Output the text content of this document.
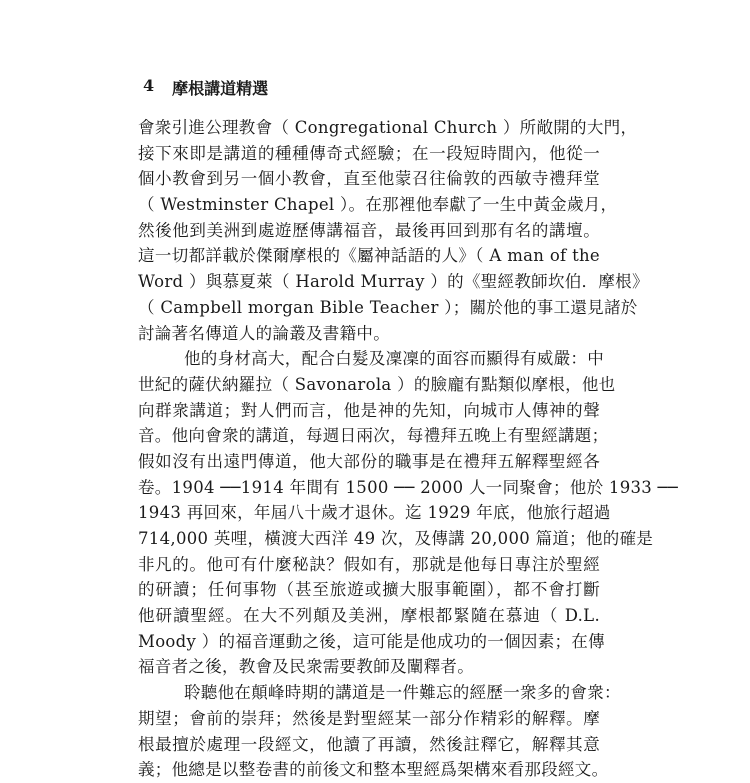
4 摩根講道精選
會衆引進公理教會（ Congregational Church ）所敞開的大門，
接下來即是講道的種種傳奇式經驗；在一段短時間內，他從一
個小教會到另一個小教會，直至他蒙召往倫敦的西敏寺禮拜堂
（ Westminster Chapel ）。在那裡他奉獻了一生中黃金歲月，
然後他到美洲到處遊歷傳講福音，最後再回到那有名的講壇。
這一切都詳載於傑爾摩根的《屬神話語的人》（ A man of the
Word ）與慕夏萊（ Harold Murray ）的《聖經教師坎伯．摩根》
（ Campbell morgan Bible Teacher ）；關於他的事工還見諸於
討論著名傳道人的論叢及書籍中。
他的身材高大，配合白髮及凜凜的面容而顯得有威嚴：中
世紀的薩伏納羅拉（ Savonarola ）的臉龐有點類似摩根，他也
向群衆講道；對人們而言，他是神的先知，向城市人傳神的聲
音。他向會衆的講道，每週日兩次，每禮拜五晚上有聖經講題；
假如沒有出遠門傳道，他大部份的職事是在禮拜五解釋聖經各
卷。1904 ──1914 年間有 1500 ── 2000 人一同聚會；他於 1933 ──
1943 再回來，年屆八十歲才退休。迄 1929 年底，他旅行超過
714,000 英哩，橫渡大西洋 49 次，及傳講 20,000 篇道；他的確是
非凡的。他可有什麼秘訣？假如有，那就是他每日專注於聖經
的研讀；任何事物（甚至旅遊或擴大服事範圍），都不會打斷
他研讀聖經。在大不列顛及美洲，摩根都緊隨在慕迪（ D.L.
Moody ）的福音運動之後，這可能是他成功的一個因素；在傳
福音者之後，教會及民衆需要教師及闡釋者。
聆聽他在顛峰時期的講道是一件難忘的經歷一衆多的會衆：
期望；會前的崇拜；然後是對聖經某一部分作精彩的解釋。摩
根最擅於處理一段經文，他讀了再讀，然後註釋它，解釋其意
義；他總是以整卷書的前後文和整本聖經爲架構來看那段經文。
